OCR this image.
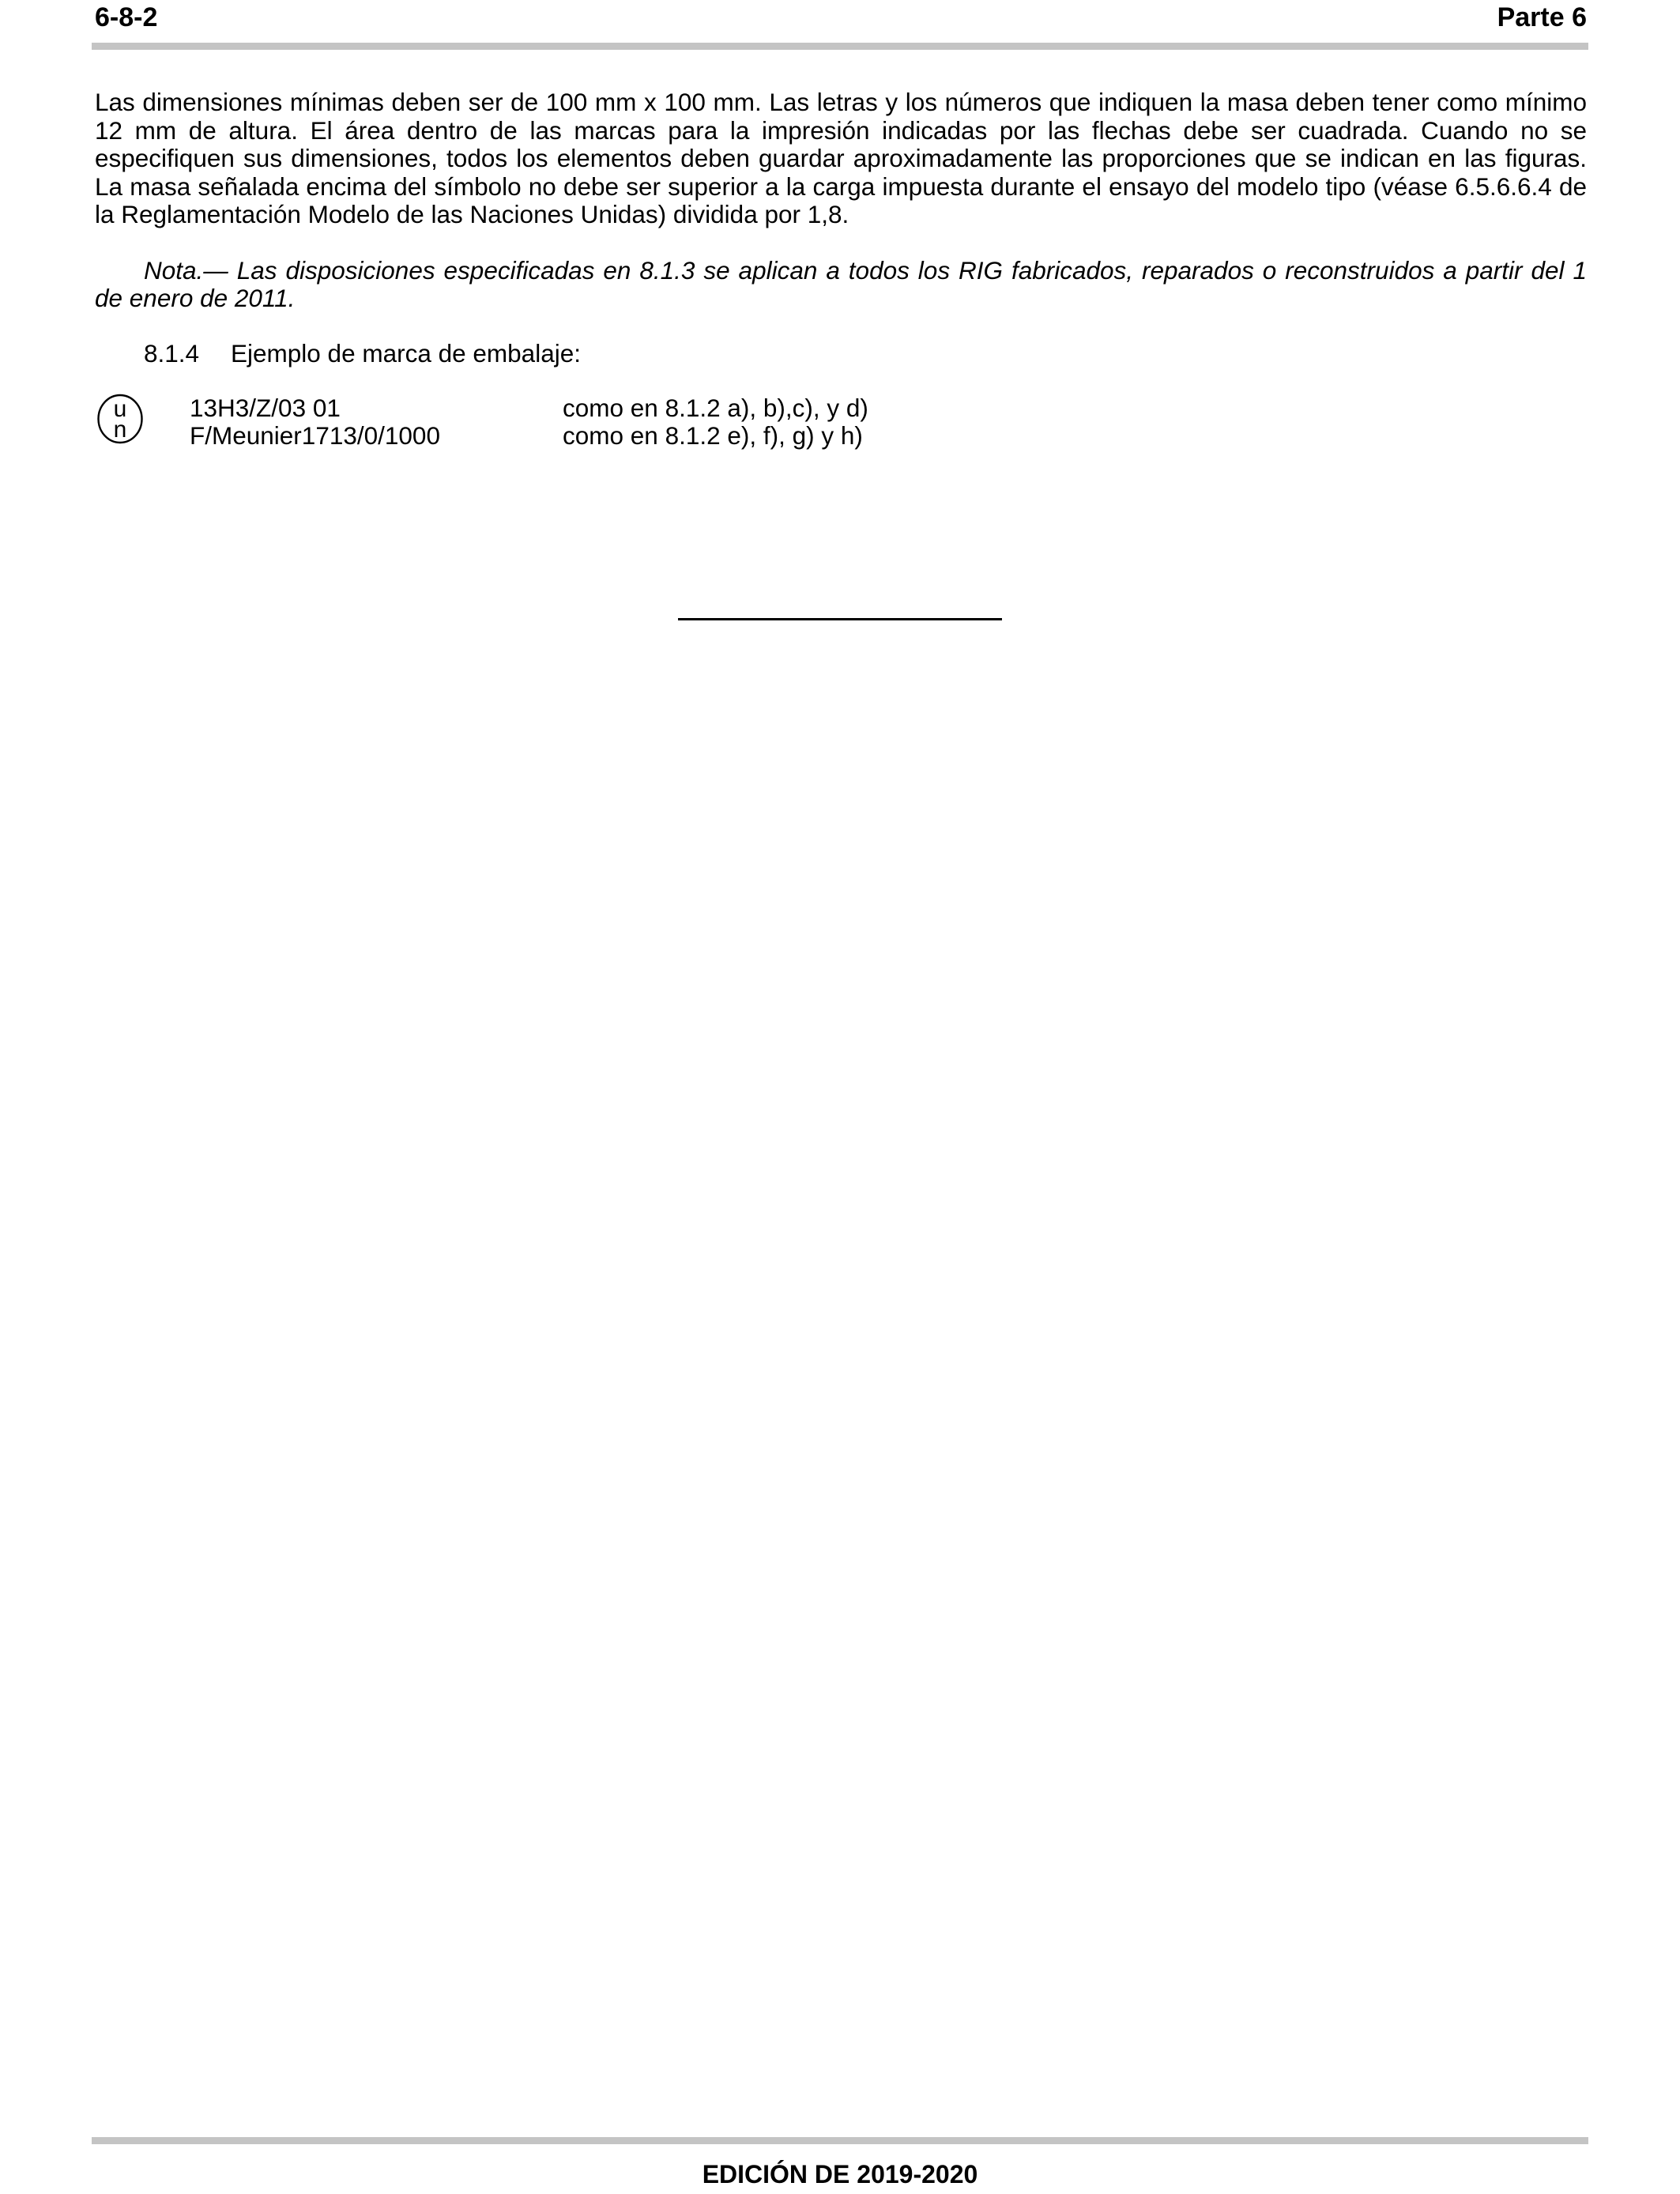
6-8-2	Parte 6

Las dimensiones mínimas deben ser de 100 mm x 100 mm. Las letras y los números que indiquen la masa deben tener como mínimo 12 mm de altura. El área dentro de las marcas para la impresión indicadas por las flechas debe ser cuadrada. Cuando no se especifiquen sus dimensiones, todos los elementos deben guardar aproximadamente las proporciones que se indican en las figuras. La masa señalada encima del símbolo no debe ser superior a la carga impuesta durante el ensayo del modelo tipo (véase 6.5.6.6.4 de la Reglamentación Modelo de las Naciones Unidas) dividida por 1,8.

Nota.— Las disposiciones especificadas en 8.1.3 se aplican a todos los RIG fabricados, reparados o reconstruidos a partir del 1 de enero de 2011.

8.1.4 Ejemplo de marca de embalaje:
u
n
13H3/Z/03 01	como en 8.1.2 a), b),c), y d)
F/Meunier1713/0/1000	como en 8.1.2 e), f), g) y h)
EDICIÓN DE 2019-2020
